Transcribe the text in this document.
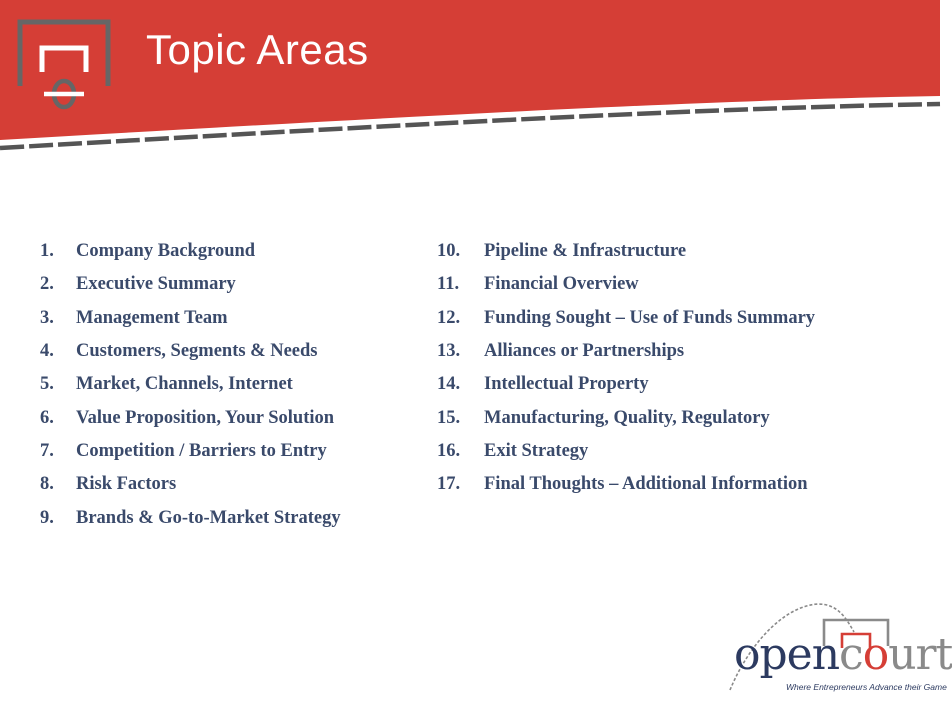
Topic Areas
1.	Company Background
2.	Executive Summary
3.	Management Team
4.	Customers, Segments & Needs
5.	Market, Channels, Internet
6.	Value Proposition, Your Solution
7.	Competition / Barriers to Entry
8.	Risk Factors
9.	Brands & Go-to-Market Strategy
10.	Pipeline & Infrastructure
11.	Financial Overview
12.	Funding Sought – Use of Funds Summary
13.	Alliances or Partnerships
14.	Intellectual Property
15.	Manufacturing, Quality, Regulatory
16.	Exit Strategy
17.	Final Thoughts – Additional Information
opencourt
Where Entrepreneurs Advance their Game
